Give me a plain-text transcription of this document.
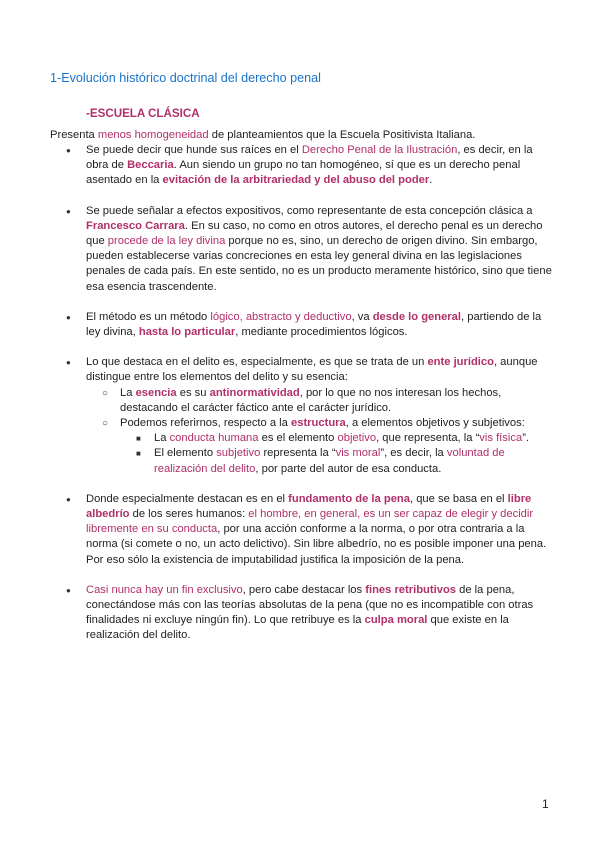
1-Evolución histórico doctrinal del derecho penal
-ESCUELA CLÁSICA
Presenta menos homogeneidad de planteamientos que la Escuela Positivista Italiana.
● Se puede decir que hunde sus raíces en el Derecho Penal de la Ilustración, es decir, en la obra de Beccaria. Aun siendo un grupo no tan homogéneo, sí que es un derecho penal asentado en la evitación de la arbitrariedad y del abuso del poder.
● Se puede señalar a efectos expositivos, como representante de esta concepción clásica a Francesco Carrara. En su caso, no como en otros autores, el derecho penal es un derecho que procede de la ley divina porque no es, sino, un derecho de origen divino. Sin embargo, pueden establecerse varias concreciones en esta ley general divina en las legislaciones penales de cada país. En este sentido, no es un producto meramente histórico, sino que tiene esa esencia trascendente.
● El método es un método lógico, abstracto y deductivo, va desde lo general, partiendo de la ley divina, hasta lo particular, mediante procedimientos lógicos.
● Lo que destaca en el delito es, especialmente, es que se trata de un ente jurídico, aunque distingue entre los elementos del delito y su esencia:
○ La esencia es su antinormatividad, por lo que no nos interesan los hechos, destacando el carácter fáctico ante el carácter jurídico.
○ Podemos referirnos, respecto a la estructura, a elementos objetivos y subjetivos:
■ La conducta humana es el elemento objetivo, que representa, la “vis física”.
■ El elemento subjetivo representa la “vis moral”, es decir, la voluntad de realización del delito, por parte del autor de esa conducta.
● Donde especialmente destacan es en el fundamento de la pena, que se basa en el libre albedrío de los seres humanos: el hombre, en general, es un ser capaz de elegir y decidir libremente en su conducta, por una acción conforme a la norma, o por otra contraria a la norma (si comete o no, un acto delictivo). Sin libre albedrío, no es posible imponer una pena. Por eso sólo la existencia de imputabilidad justifica la imposición de la pena.
● Casi nunca hay un fin exclusivo, pero cabe destacar los fines retributivos de la pena, conectándose más con las teorías absolutas de la pena (que no es incompatible con otras finalidades ni excluye ningún fin). Lo que retribuye es la culpa moral que existe en la realización del delito.
1
